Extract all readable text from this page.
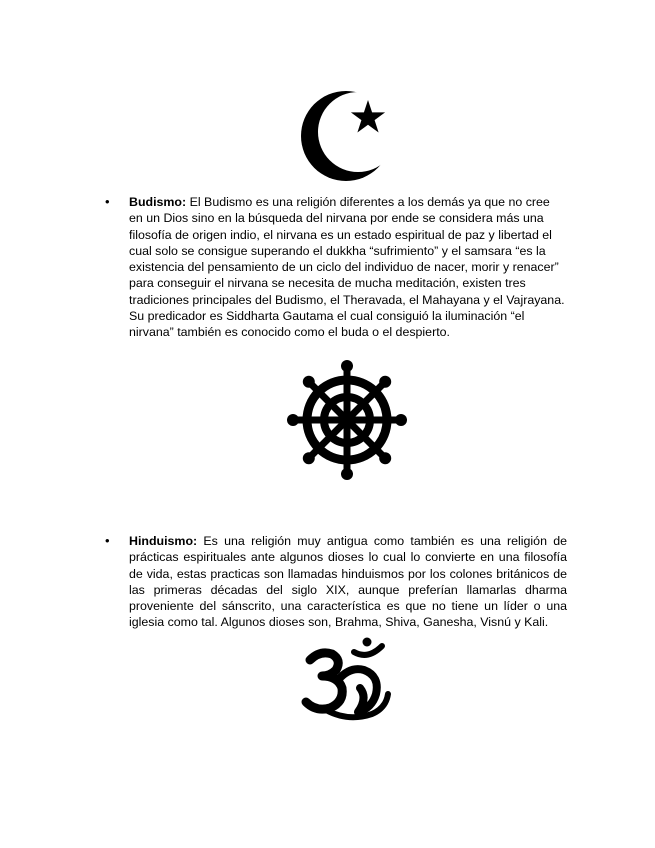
• Budismo: El Budismo es una religión diferentes a los demás ya que no cree en un Dios sino en la búsqueda del nirvana por ende se considera más una filosofía de origen indio, el nirvana es un estado espiritual de paz y libertad el cual solo se consigue superando el dukkha “sufrimiento” y el samsara “es la existencia del pensamiento de un ciclo del individuo de nacer, morir y renacer” para conseguir el nirvana se necesita de mucha meditación, existen tres tradiciones principales del Budismo, el Theravada, el Mahayana y el Vajrayana. Su predicador es Siddharta Gautama el cual consiguió la iluminación “el nirvana” también es conocido como el buda o el despierto.

• Hinduismo: Es una religión muy antigua como también es una religión de prácticas espirituales ante algunos dioses lo cual lo convierte en una filosofía de vida, estas practicas son llamadas hinduismos por los colones británicos de las primeras décadas del siglo XIX, aunque preferían llamarlas dharma proveniente del sánscrito, una característica es que no tiene un líder o una iglesia como tal. Algunos dioses son, Brahma, Shiva, Ganesha, Visnú y Kali.
